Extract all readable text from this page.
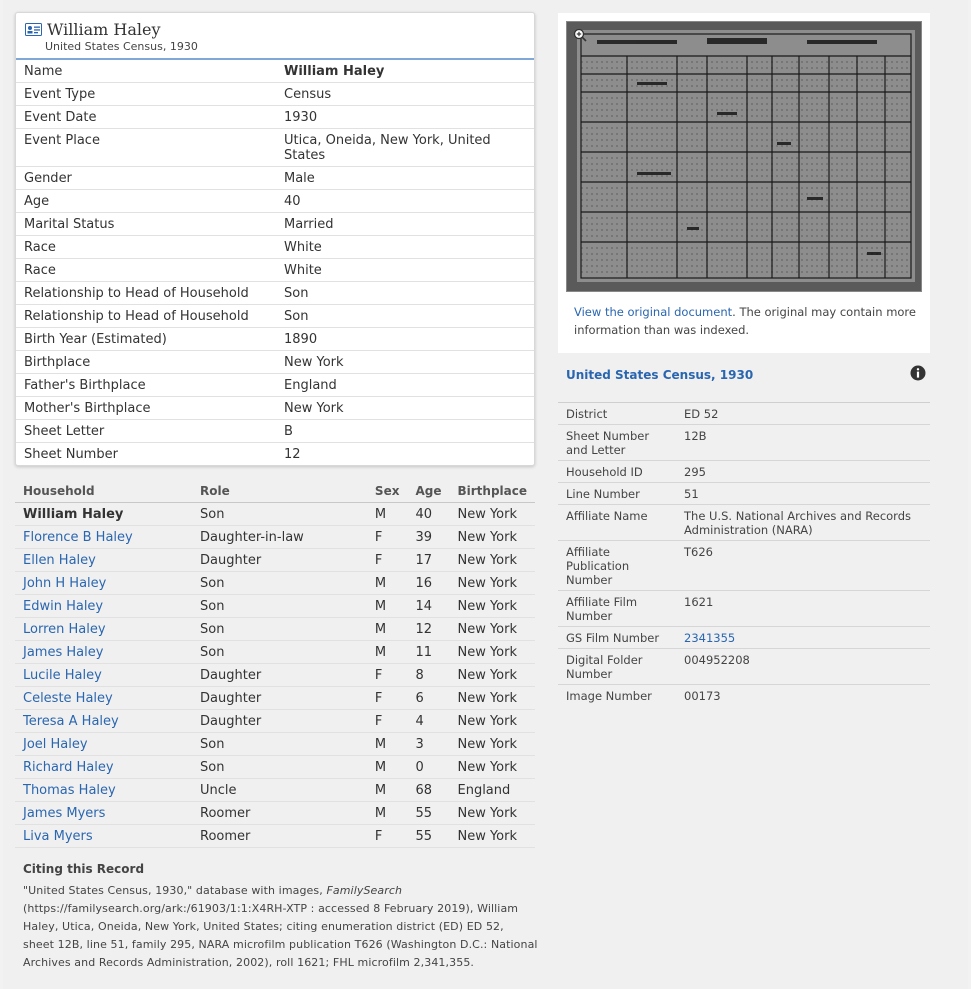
William Haley
United States Census, 1930
Name	William Haley
Event Type	Census
Event Date	1930
Event Place	Utica, Oneida, New York, United States
Gender	Male
Age	40
Marital Status	Married
Race	White
Race	White
Relationship to Head of Household	Son
Relationship to Head of Household	Son
Birth Year (Estimated)	1890
Birthplace	New York
Father's Birthplace	England
Mother's Birthplace	New York
Sheet Letter	B
Sheet Number	12
Household	Role	Sex	Age	Birthplace
William Haley	Son	M	40	New York
Florence B Haley	Daughter-in-law	F	39	New York
Ellen Haley	Daughter	F	17	New York
John H Haley	Son	M	16	New York
Edwin Haley	Son	M	14	New York
Lorren Haley	Son	M	12	New York
James Haley	Son	M	11	New York
Lucile Haley	Daughter	F	8	New York
Celeste Haley	Daughter	F	6	New York
Teresa A Haley	Daughter	F	4	New York
Joel Haley	Son	M	3	New York
Richard Haley	Son	M	0	New York
Thomas Haley	Uncle	M	68	England
James Myers	Roomer	M	55	New York
Liva Myers	Roomer	F	55	New York
Citing this Record

"United States Census, 1930," database with images, FamilySearch (https://familysearch.org/ark:/61903/1:1:X4RH-XTP : accessed 8 February 2019), William Haley, Utica, Oneida, New York, United States; citing enumeration district (ED) ED 52, sheet 12B, line 51, family 295, NARA microfilm publication T626 (Washington D.C.: National Archives and Records Administration, 2002), roll 1621; FHL microfilm 2,341,355.

View the original document. The original may contain more information than was indexed.
United States Census, 1930
District	ED 52
Sheet Number and Letter	12B
Household ID	295
Line Number	51
Affiliate Name	The U.S. National Archives and Records Administration (NARA)
Affiliate Publication Number	T626
Affiliate Film Number	1621
GS Film Number	2341355
Digital Folder Number	004952208
Image Number	00173
